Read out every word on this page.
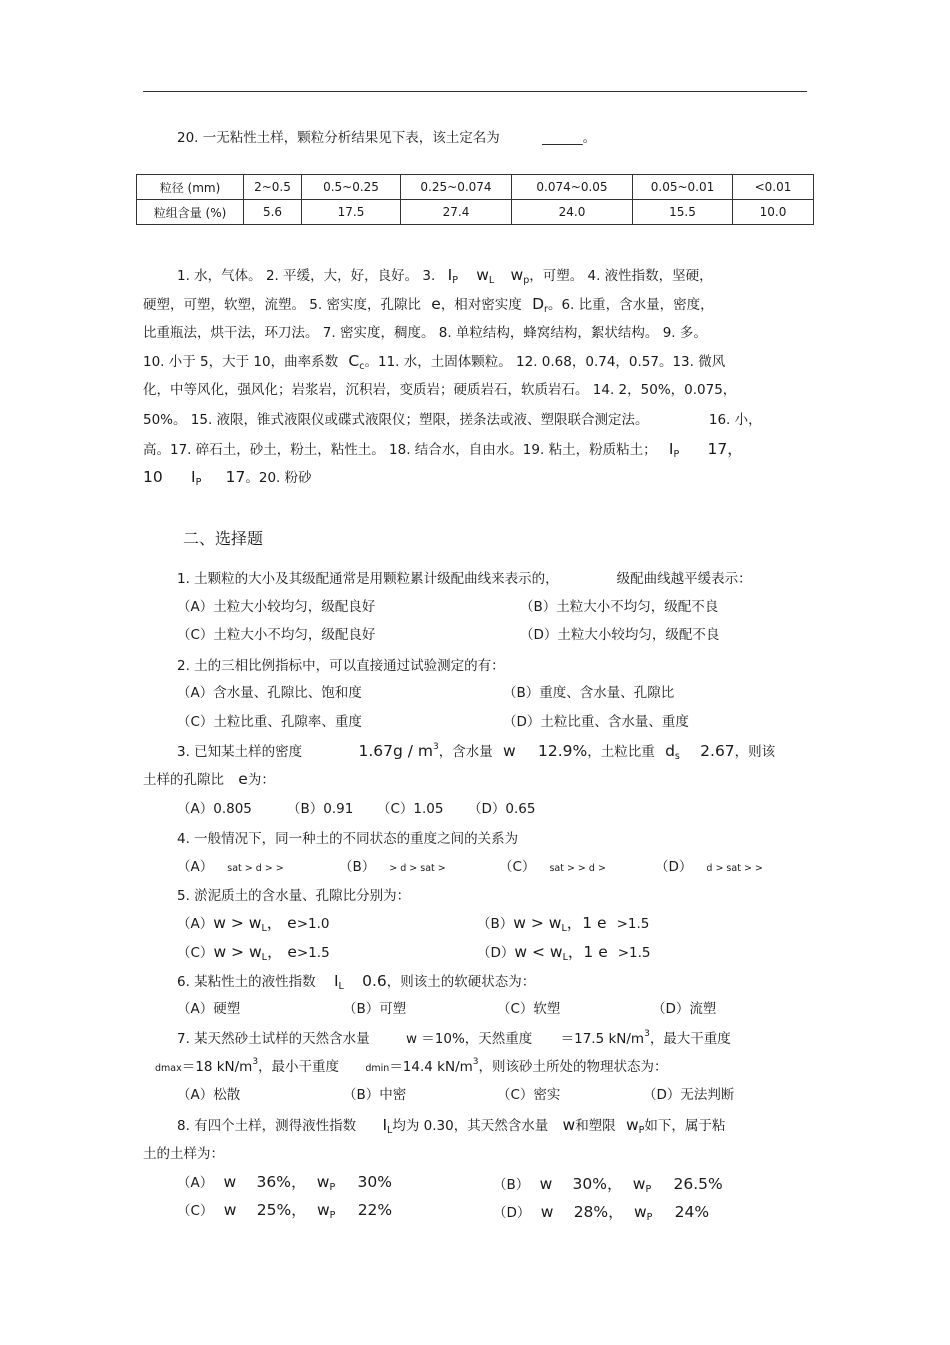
20. 一无粘性土样，颗粒分析结果见下表，该土定名为	______。
粒径 (mm)	2~0.5	0.5~0.25	0.25~0.074	0.074~0.05	0.05~0.01	<0.01
粒组含量 (%)	5.6	17.5	27.4	24.0	15.5	10.0
1. 水，气体。 2. 平缓，大，好，良好。 3. $I_P$ $w_L$ $w_p$，可塑。 4. 液性指数，坚硬，
硬塑，可塑，软塑，流塑。 5. 密实度，孔隙比 e，相对密实度 $D_r$。6. 比重，含水量，密度，
比重瓶法，烘干法，环刀法。 7. 密实度，稠度。 8. 单粒结构，蜂窝结构，絮状结构。 9. 多。
10. 小于 5，大于 10，曲率系数 $C_c$。11. 水，土固体颗粒。 12. 0.68，0.74，0.57。13. 微风
化，中等风化，强风化；岩浆岩，沉积岩，变质岩；硬质岩石，软质岩石。 14. 2，50%，0.075，
50%。 15. 液限，锥式液限仪或碟式液限仪；塑限，搓条法或液、塑限联合测定法。	16. 小，
高。17. 碎石土，砂土，粉土，粘性土。 18. 结合水，自由水。19. 粘土，粉质粘土； $I_P$ 17，
10 $I_P$ 17。20. 粉砂
二、选择题
1. 土颗粒的大小及其级配通常是用颗粒累计级配曲线来表示的，	级配曲线越平缓表示：
（A）土粒大小较均匀，级配良好	（B）土粒大小不均匀，级配不良
（C）土粒大小不均匀，级配良好	（D）土粒大小较均匀，级配不良
2. 土的三相比例指标中，可以直接通过试验测定的有：
（A）含水量、孔隙比、饱和度	（B）重度、含水量、孔隙比
（C）土粒比重、孔隙率、重度	（D）土粒比重、含水量、重度
3. 已知某土样的密度	$1.67g / m^3$，含水量 w 12.9%，土粒比重 $d_s$ 2.67，则该
土样的孔隙比 e为：
（A）0.805	（B）0.91 （C）1.05 （D）0.65
4. 一般情况下，同一种土的不同状态的重度之间的关系为
（A） sat > d > >	（B） > d > sat >	（C） sat > > d >	（D） d > sat > >
5. 淤泥质土的含水量、孔隙比分别为：
$(A)w > w_L$， e>1.0	$(B)w > w_L$，1 e >1.5
$(C)w > w_L$， e>1.5	$(D)w < w_L$，1 e >1.5
6. 某粘性土的液性指数 $I_L$ 0.6，则该土的软硬状态为：
（A）硬塑	（B）可塑	（C）软塑	（D）流塑
7. 某天然砂土试样的天然含水量	w ＝10%，天然重度 ＝17.5 $kN/m^3$，最大干重度
dmax＝18 $kN/m^3$，最小干重度	dmin＝14.4 $kN/m^3$，则该砂土所处的物理状态为：
（A）松散	（B）中密	（C）密实	（D）无法判断
8. 有四个土样，测得液性指数 $I_L$均为 0.30，其天然含水量 w和塑限 $w_P$如下，属于粘
土的土样为：
（A） w 36%， $w_P$ 30%	（B） w 30%， $w_P$ 26.5%
（C） w 25%， $w_P$ 22%	（D） w 28%， $w_P$ 24%
